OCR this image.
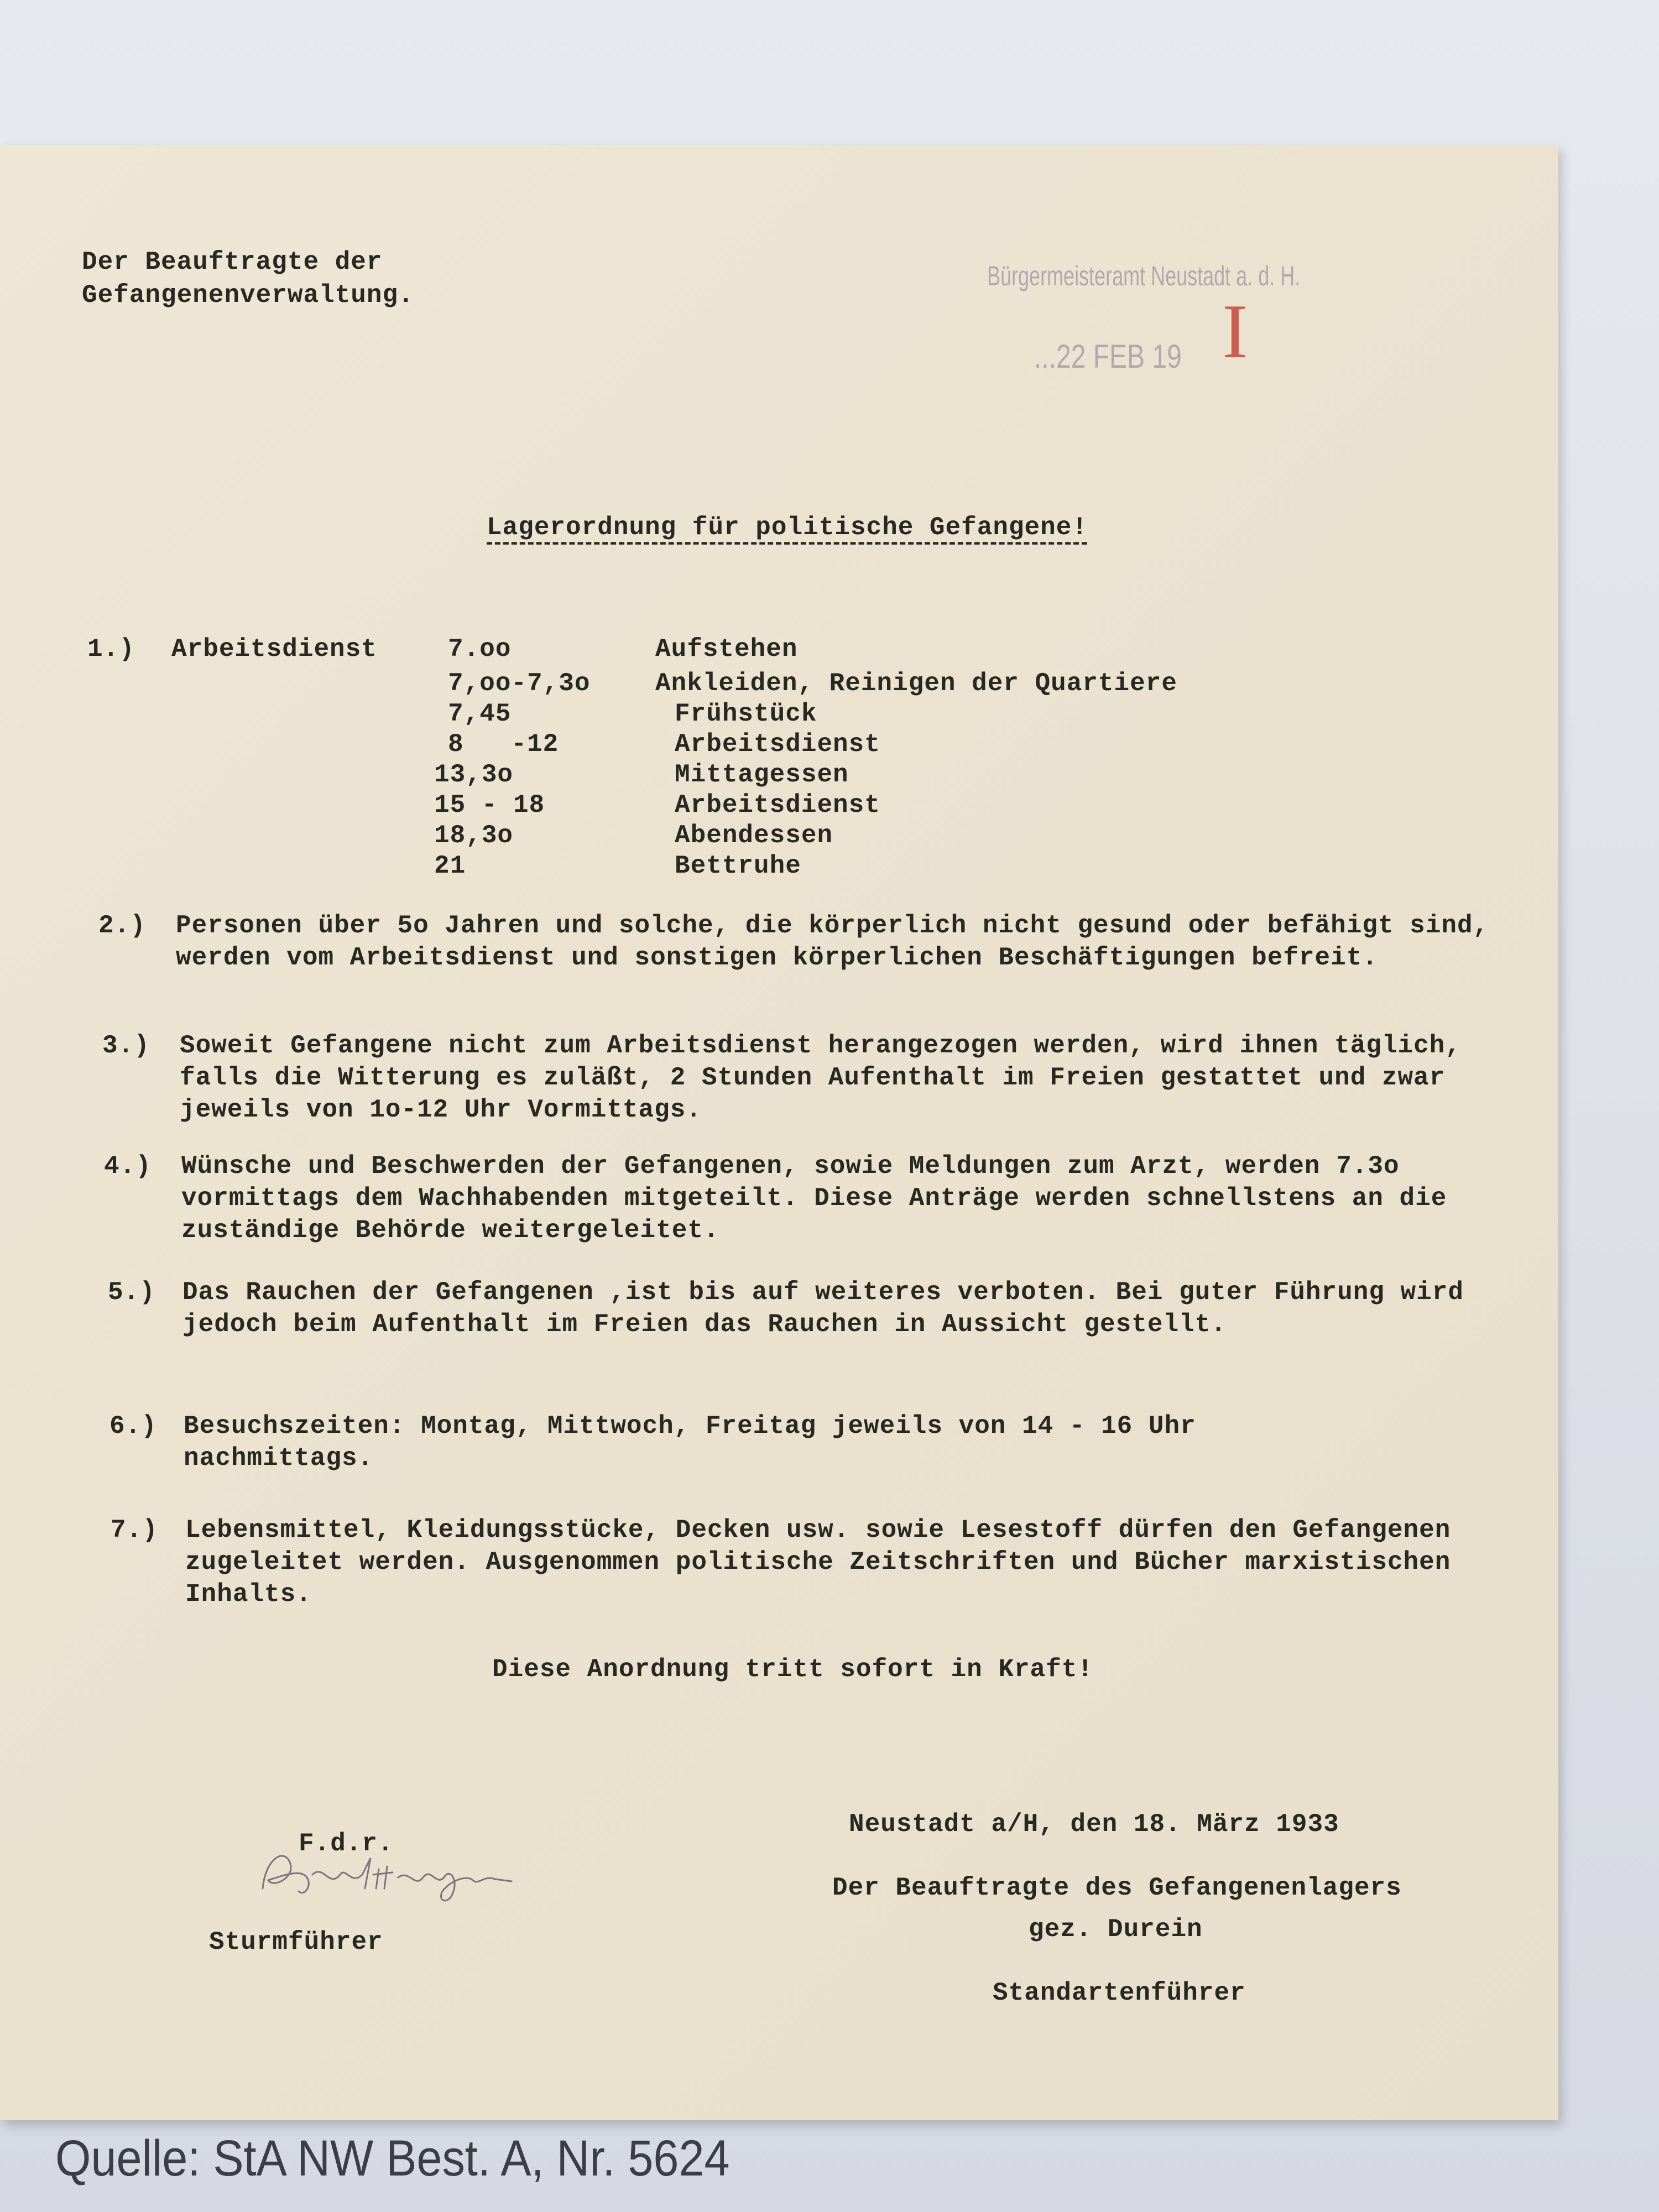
Der Beauftragte der
Gefangenenverwaltung.
Bürgermeisteramt Neustadt a. d. H.
...22 FEB 19 I
Lagerordnung für politische Gefangene!
1.) Arbeitsdienst	7.oo	Aufstehen
7,oo-7,3o	Ankleiden, Reinigen der Quartiere
7,45	Frühstück
8   -12	Arbeitsdienst
13,3o	Mittagessen
15 - 18	Arbeitsdienst
18,3o	Abendessen
21	Bettruhe
2.) Personen über 5o Jahren und solche, die körperlich nicht gesund oder befähigt sind, werden vom Arbeitsdienst und sonstigen körperlichen Beschäftigungen befreit.
3.) Soweit Gefangene nicht zum Arbeitsdienst herangezogen werden, wird ihnen täglich, falls die Witterung es zuläßt, 2 Stunden Aufenthalt im Freien gestattet und zwar jeweils von 1o-12 Uhr Vormittags.
4.) Wünsche und Beschwerden der Gefangenen, sowie Meldungen zum Arzt, werden 7.3o vormittags dem Wachhabenden mitgeteilt. Diese Anträge werden schnellstens an die zuständige Behörde weitergeleitet.
5.) Das Rauchen der Gefangenen ,ist bis auf weiteres verboten. Bei guter Führung wird jedoch beim Aufenthalt im Freien das Rauchen in Aussicht gestellt.
6.) Besuchszeiten: Montag, Mittwoch, Freitag jeweils von 14 - 16 Uhr nachmittags.
7.) Lebensmittel, Kleidungsstücke, Decken usw. sowie Lesestoff dürfen den Gefangenen zugeleitet werden. Ausgenommen politische Zeitschriften und Bücher marxistischen Inhalts.
Diese Anordnung tritt sofort in Kraft!
Neustadt a/H, den 18. März 1933
Der Beauftragte des Gefangenenlagers
gez. Durein
Standartenführer
F.d.r.
Sturmführer
Quelle: StA NW Best. A, Nr. 5624
